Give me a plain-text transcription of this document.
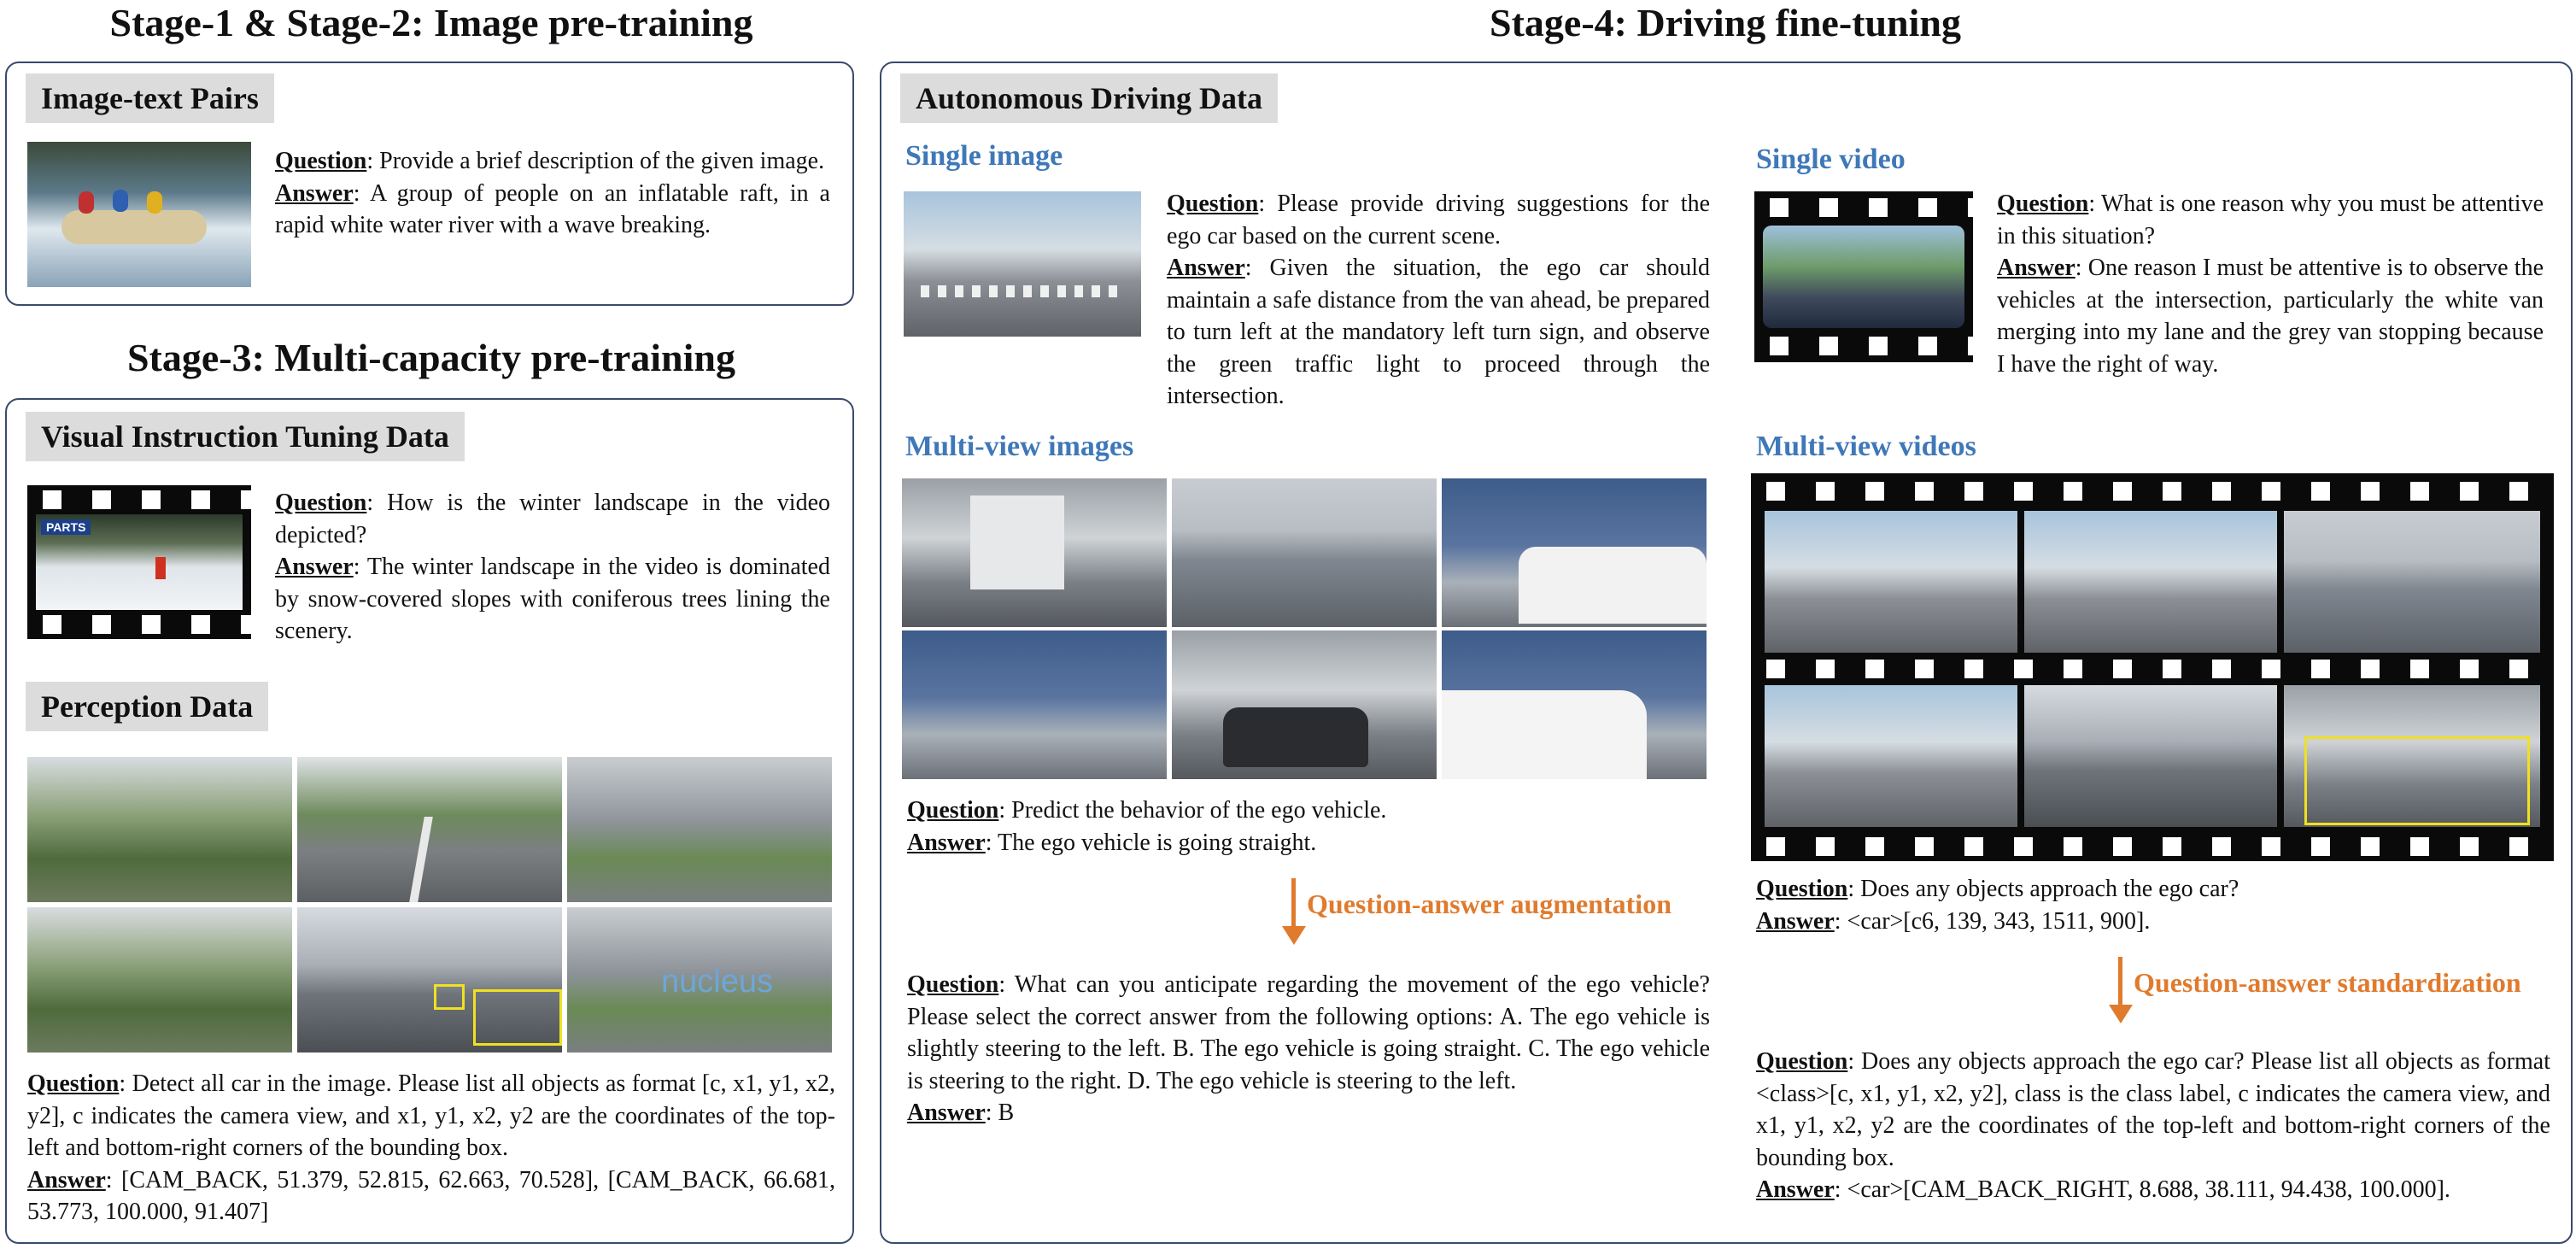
Stage-1 & Stage-2: Image pre-training
Image-text Pairs

Question: Provide a brief description of the given image.

Answer: A group of people on an inflatable raft, in a rapid white water river with a wave breaking.

Stage-3: Multi-capacity pre-training
Visual Instruction Tuning Data
PARTS

Question: How is the winter landscape in the video depicted?

Answer: The winter landscape in the video is dominated by snow-covered slopes with coniferous trees lining the scenery.

Perception Data
nucleus

Question: Detect all car in the image. Please list all objects as format [c, x1, y1, x2, y2], c indicates the camera view, and x1, y1, x2, y2 are the coordinates of the top-left and bottom-right corners of the bounding box.

Answer: [CAM_BACK, 51.379, 52.815, 62.663, 70.528], [CAM_BACK, 66.681, 53.773, 100.000, 91.407]

Stage-4: Driving fine-tuning
Autonomous Driving Data
Single image

Question: Please provide driving suggestions for the ego car based on the current scene.

Answer: Given the situation, the ego car should maintain a safe distance from the van ahead, be prepared to turn left at the mandatory left turn sign, and observe the green traffic light to proceed through the intersection.

Single video

Question: What is one reason why you must be attentive in this situation?

Answer: One reason I must be attentive is to observe the vehicles at the intersection, particularly the white van merging into my lane and the grey van stopping because I have the right of way.

Multi-view images

Question: Predict the behavior of the ego vehicle.

Answer: The ego vehicle is going straight.

Question-answer augmentation

Question: What can you anticipate regarding the movement of the ego vehicle? Please select the correct answer from the following options: A. The ego vehicle is slightly steering to the left. B. The ego vehicle is going straight. C. The ego vehicle is steering to the right. D. The ego vehicle is steering to the left.

Answer: B

Multi-view videos

Question: Does any objects approach the ego car?

Answer: <car>[c6, 139, 343, 1511, 900].

Question-answer standardization

Question: Does any objects approach the ego car? Please list all objects as format <class>[c, x1, y1, x2, y2], class is the class label, c indicates the camera view, and x1, y1, x2, y2 are the coordinates of the top-left and bottom-right corners of the bounding box.

Answer: <car>[CAM_BACK_RIGHT, 8.688, 38.111, 94.438, 100.000].
